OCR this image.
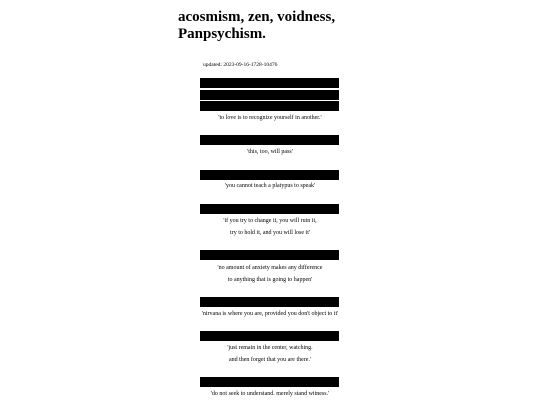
acosmism, zen, voidness,
Panpsychism.
updated: 2023-09-16-1728-10476
'to love is to recognize yourself in another.'
'this, too, will pass'
'you cannot teach a platypus to speak'
'if you try to change it, you will ruin it,
try to hold it, and you will lose it'
'no amount of anxiety makes any difference
to anything that is going to happen'
'nirvana is where you are, provided you don't object to it'
'just remain in the center, watching.
and then forget that you are there.'
'do not seek to understand. merely stand witness.'
